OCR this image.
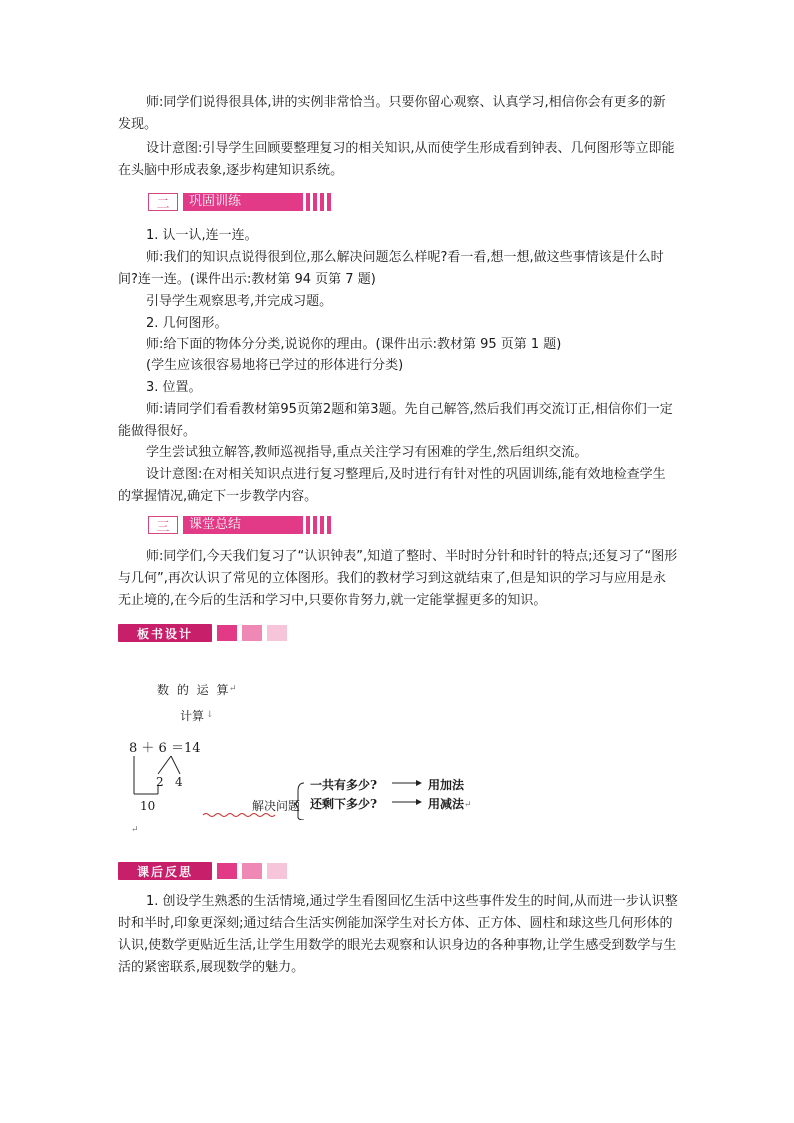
师:同学们说得很具体,讲的实例非常恰当。只要你留心观察、认真学习,相信你会有更多的新发现。

设计意图:引导学生回顾要整理复习的相关知识,从而使学生形成看到钟表、几何图形等立即能在头脑中形成表象,逐步构建知识系统。

二	巩固训练

1. 认一认,连一连。

师:我们的知识点说得很到位,那么解决问题怎么样呢?看一看,想一想,做这些事情该是什么时间?连一连。(课件出示:教材第 94 页第 7 题)

引导学生观察思考,并完成习题。

2. 几何图形。

师:给下面的物体分分类,说说你的理由。(课件出示:教材第 95 页第 1 题)

(学生应该很容易地将已学过的形体进行分类)

3. 位置。

师:请同学们看看教材第95页第2题和第3题。先自己解答,然后我们再交流订正,相信你们一定能做得很好。

学生尝试独立解答,教师巡视指导,重点关注学习有困难的学生,然后组织交流。

设计意图:在对相关知识点进行复习整理后,及时进行有针对性的巩固训练,能有效地检查学生的掌握情况,确定下一步教学内容。

三	课堂总结

师:同学们,今天我们复习了“认识钟表”,知道了整时、半时时分针和时针的特点;还复习了“图形与几何”,再次认识了常见的立体图形。我们的教材学习到这就结束了,但是知识的学习与应用是永无止境的,在今后的生活和学习中,只要你肯努力,就一定能掌握更多的知识。

板书设计
数 的 运 算
↵
计算 ↓
8 ＋ 6 ＝14
2 4
10	解决问题
一共有多少?
还剩下多少?
用加法
用减法 ↵
↵
课后反思

1. 创设学生熟悉的生活情境,通过学生看图回忆生活中这些事件发生的时间,从而进一步认识整时和半时,印象更深刻;通过结合生活实例能加深学生对长方体、正方体、圆柱和球这些几何形体的认识,使数学更贴近生活,让学生用数学的眼光去观察和认识身边的各种事物,让学生感受到数学与生活的紧密联系,展现数学的魅力。
